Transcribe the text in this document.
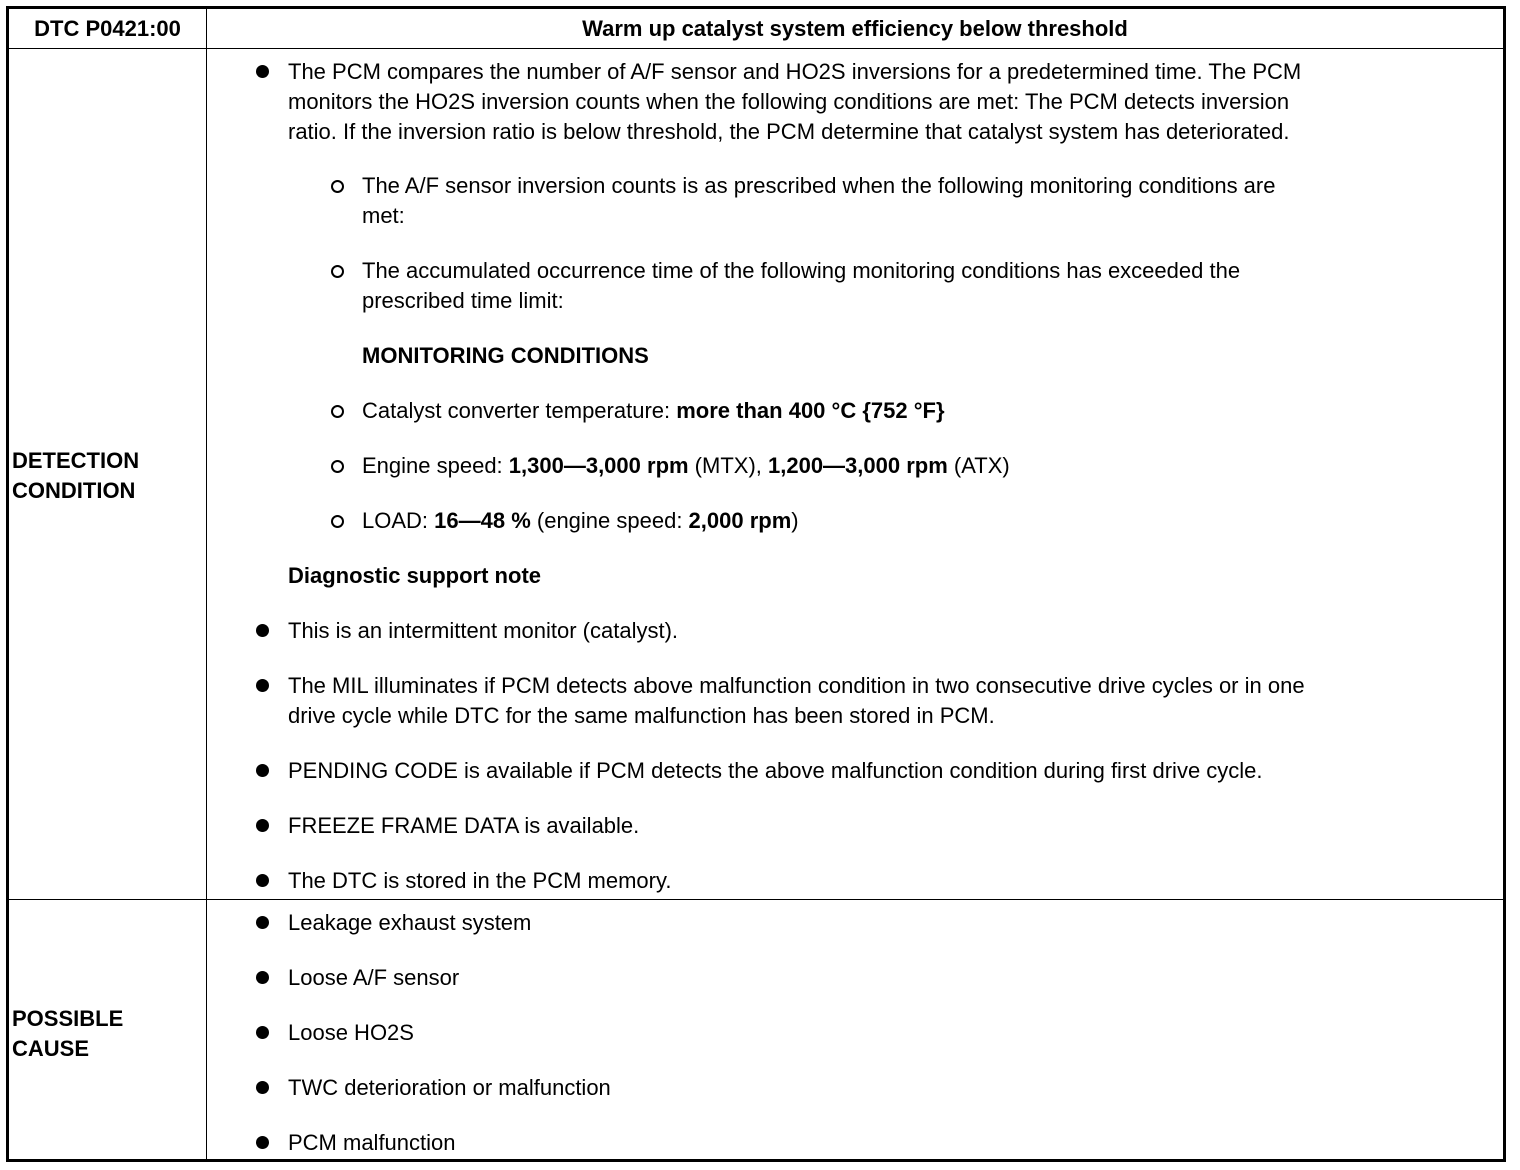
DTC P0421:00	Warm up catalyst system efficiency below threshold
DETECTION
CONDITION
The PCM compares the number of A/F sensor and HO2S inversions for a predetermined time. The PCM
monitors the HO2S inversion counts when the following conditions are met: The PCM detects inversion
ratio. If the inversion ratio is below threshold, the PCM determine that catalyst system has deteriorated.
The A/F sensor inversion counts is as prescribed when the following monitoring conditions are
met:
The accumulated occurrence time of the following monitoring conditions has exceeded the
prescribed time limit:
MONITORING CONDITIONS
Catalyst converter temperature: more than 400 °C {752 °F}
Engine speed: 1,300—3,000 rpm (MTX), 1,200—3,000 rpm (ATX)
LOAD: 16—48 % (engine speed: 2,000 rpm)
Diagnostic support note
This is an intermittent monitor (catalyst).
The MIL illuminates if PCM detects above malfunction condition in two consecutive drive cycles or in one
drive cycle while DTC for the same malfunction has been stored in PCM.
PENDING CODE is available if PCM detects the above malfunction condition during first drive cycle.
FREEZE FRAME DATA is available.
The DTC is stored in the PCM memory.
POSSIBLE
CAUSE
Leakage exhaust system
Loose A/F sensor
Loose HO2S
TWC deterioration or malfunction
PCM malfunction
